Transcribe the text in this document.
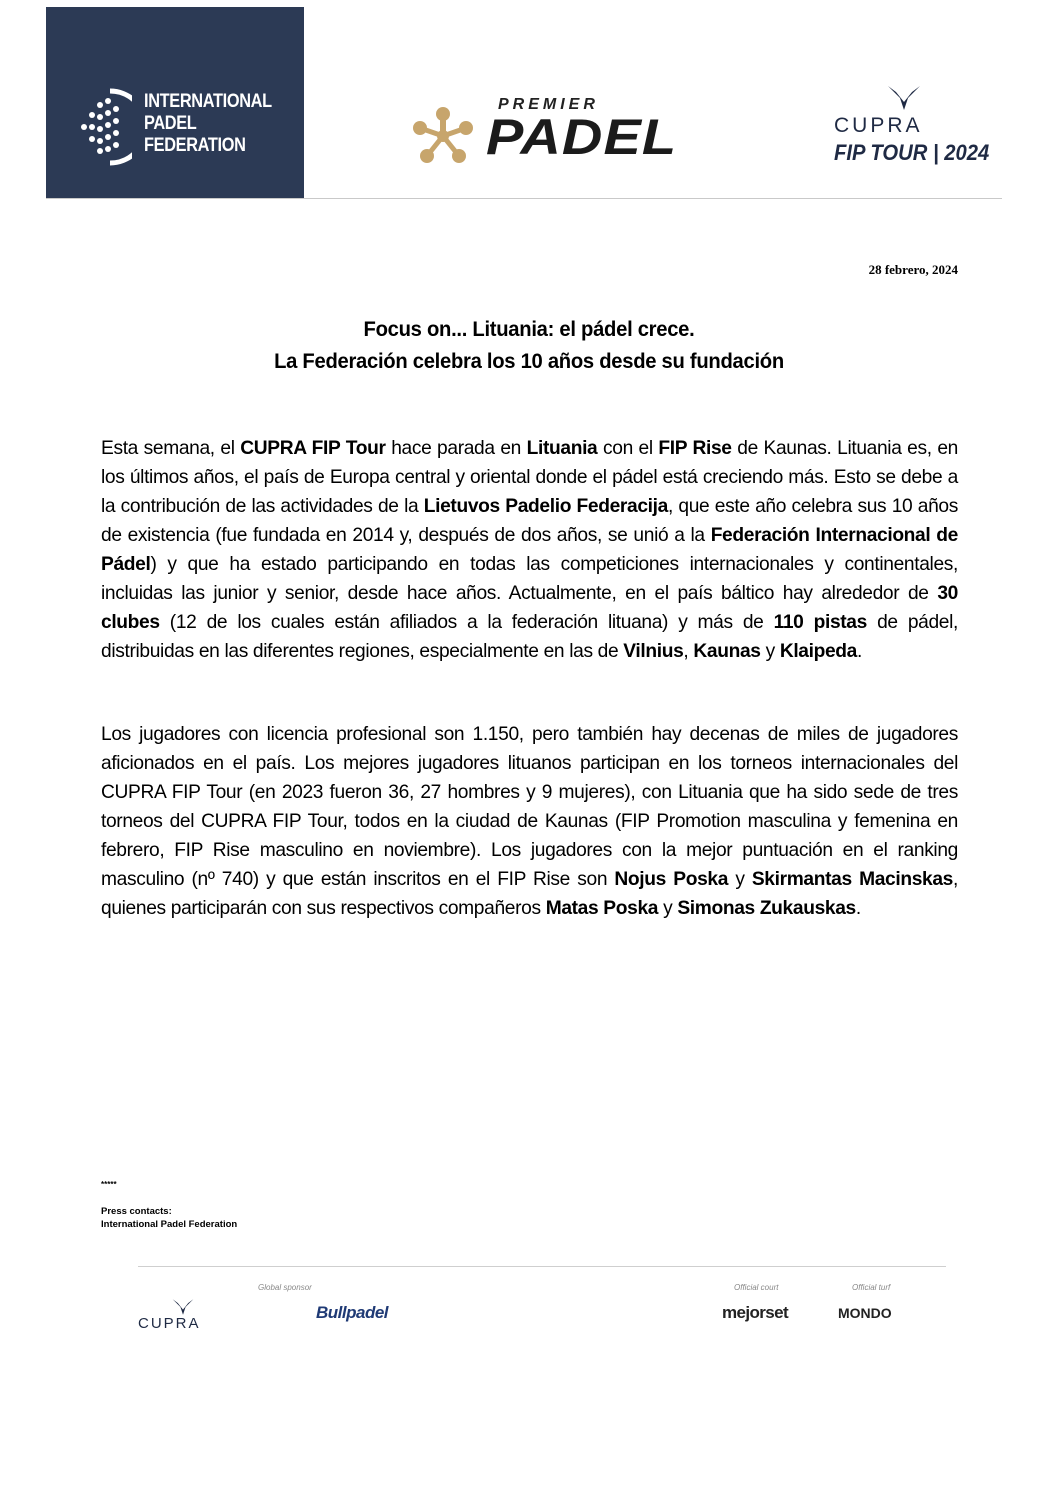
INTERNATIONAL
PADEL
FEDERATION
PREMIER
PADEL	CUPRA
FIP TOUR | 2024
28 febrero, 2024
Focus on... Lituania: el pádel crece.
La Federación celebra los 10 años desde su fundación
Esta semana, el CUPRA FIP Tour hace parada en Lituania con el FIP Rise de Kaunas. Lituania es, en los últimos años, el país de Europa central y oriental donde el pádel está creciendo más. Esto se debe a la contribución de las actividades de la Lietuvos Padelio Federacija, que este año celebra sus 10 años de existencia (fue fundada en 2014 y, después de dos años, se unió a la Federación Internacional de Pádel) y que ha estado participando en todas las competiciones internacionales y continentales, incluidas las junior y senior, desde hace años. Actualmente, en el país báltico hay alrededor de 30 clubes (12 de los cuales están afiliados a la federación lituana) y más de 110 pistas de pádel, distribuidas en las diferentes regiones, especialmente en las de Vilnius, Kaunas y Klaipeda.
Los jugadores con licencia profesional son 1.150, pero también hay decenas de miles de jugadores aficionados en el país. Los mejores jugadores lituanos participan en los torneos internacionales del CUPRA FIP Tour (en 2023 fueron 36, 27 hombres y 9 mujeres), con Lituania que ha sido sede de tres torneos del CUPRA FIP Tour, todos en la ciudad de Kaunas (FIP Promotion masculina y femenina en febrero, FIP Rise masculino en noviembre). Los jugadores con la mejor puntuación en el ranking masculino (nº 740) y que están inscritos en el FIP Rise son Nojus Poska y Skirmantas Macinskas, quienes participarán con sus respectivos compañeros Matas Poska y Simonas Zukauskas.
*****
Press contacts:
International Padel Federation
Global sponsor	Official court	Official turf
CUPRA
Bullpadel	mejorset	MONDO
